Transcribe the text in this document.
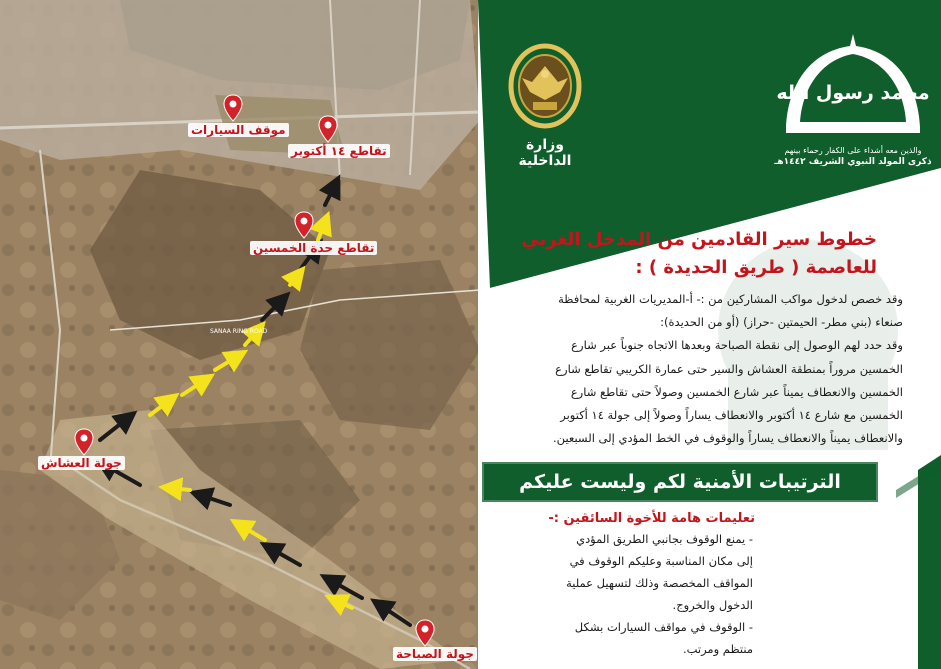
SANAA RING ROAD
موقف السيارات
تقاطع ١٤ أكتوبر
تقاطع حدة الخمسين
جولة العشاش
جولة الصباحة
وزارة الداخلية
محمد رسول الله
والذين معه أشداء على الكفار رحماء بينهم
ذكرى المولد النبوي الشريف ١٤٤٢هـ
خطوط سير القادمين من المدخل الغربي
للعاصمة ( طريق الحديدة ) :
وقد خصص لدخول مواكب المشاركين من :- أ-المديريات الغربية لمحافظة
صنعاء (بني مطر- الحيمتين -حراز) (أو من الحديدة):
وقد حدد لهم الوصول إلى نقطة الصباحة وبعدها الاتجاه جنوباً عبر شارع
الخمسين مروراً بمنطقة العشاش والسير حتى عمارة الكريبي تقاطع شارع
الخمسين والانعطاف يميناً عبر شارع الخمسين وصولاً حتى تقاطع شارع
الخمسين مع شارع ١٤ أكتوبر والانعطاف يساراً وصولاً إلى جولة ١٤ أكتوبر
والانعطاف يميناً والانعطاف يساراً والوقوف في الخط المؤدي إلى السبعين.
الترتيبات الأمنية لكم وليست عليكم
تعليمات هامة للأخوة السائقين :-
- يمنع الوقوف بجانبي الطريق المؤدي
إلى مكان المناسبة وعليكم الوقوف في
المواقف المخصصة وذلك لتسهيل عملية
الدخول والخروج.
- الوقوف في مواقف السيارات بشكل
منتظم ومرتب.
